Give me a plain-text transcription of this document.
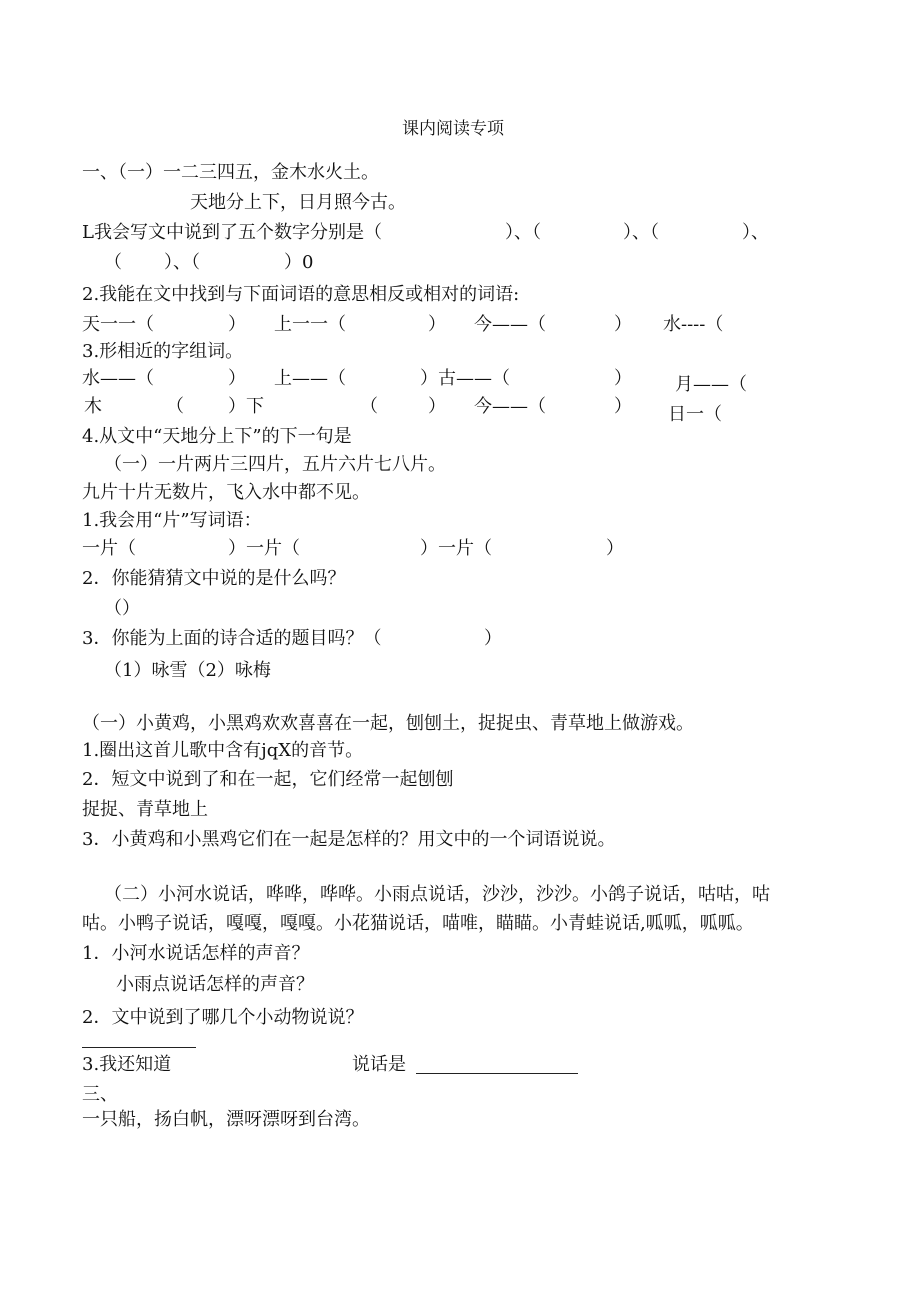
课内阅读专项
一、（一）一二三四五，金木水火土。
天地分上下，日月照今古。
L我会写文中说到了五个数字分别是（	）、（	）、（	）、
（ ）、（	）0
2.我能在文中找到与下面词语的意思相反或相对的词语:
天一一（	） 上一一（	） 今——（	） 水----（
3.形相近的字组词。
水——（	） 上——（	）古——（	） 月——（
木	（ ）下	（	） 今——（	） 日一（
4.从文中“天地分上下”的下一句是
（一）一片两片三四片，五片六片七八片。
九片十片无数片，飞入水中都不见。
1.我会用“片”写词语：
一片（	）一片（	）一片（	）
2．你能猜猜文中说的是什么吗？
（）
3．你能为上面的诗合适的题目吗？（	）
（1）咏雪（2）咏梅
（一）小黄鸡，小黑鸡欢欢喜喜在一起，刨刨土，捉捉虫、青草地上做游戏。
1.圈出这首儿歌中含有jqX的音节。
2．短文中说到了和在一起，它们经常一起刨刨
捉捉、青草地上
3．小黄鸡和小黑鸡它们在一起是怎样的？用文中的一个词语说说。
（二）小河水说话，哗哗，哗哗。小雨点说话，沙沙，沙沙。小鸽子说话，咕咕，咕
咕。小鸭子说话，嘎嘎，嘎嘎。小花猫说话，喵唯，瞄瞄。小青蛙说话,呱呱，呱呱。
1．小河水说话怎样的声音？
小雨点说话怎样的声音？
2．文中说到了哪几个小动物说说？
3.我还知道	说话是
三、
一只船，扬白帆，漂呀漂呀到台湾。
